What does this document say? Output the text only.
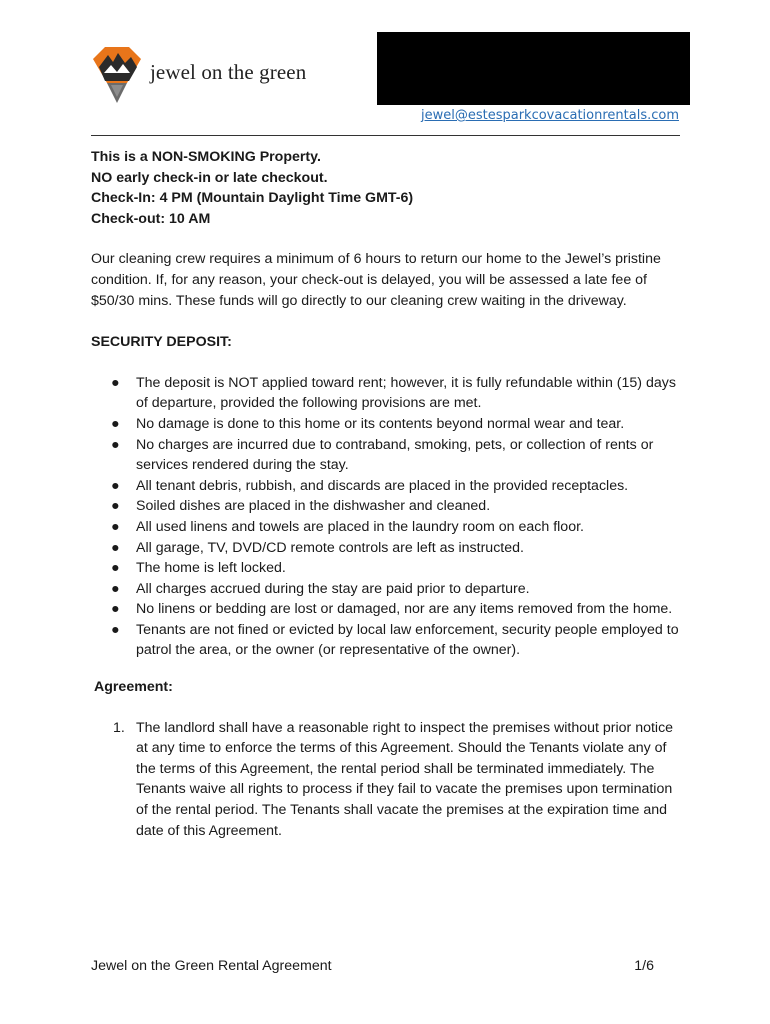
jewel on the green
jewel@estesparkcovacationrentals.com

This is a NON-SMOKING Property.

NO early check-in or late checkout.

Check-In: 4 PM (Mountain Daylight Time GMT-6)

Check-out: 10 AM

Our cleaning crew requires a minimum of 6 hours to return our home to the Jewel’s pristine condition. If, for any reason, your check-out is delayed, you will be assessed a late fee of $50/30 mins. These funds will go directly to our cleaning crew waiting in the driveway.

SECURITY DEPOSIT:

● The deposit is NOT applied toward rent; however, it is fully refundable within (15) days of departure, provided the following provisions are met.
● No damage is done to this home or its contents beyond normal wear and tear.
● No charges are incurred due to contraband, smoking, pets, or collection of rents or services rendered during the stay.
● All tenant debris, rubbish, and discards are placed in the provided receptacles.
● Soiled dishes are placed in the dishwasher and cleaned.
● All used linens and towels are placed in the laundry room on each floor.
● All garage, TV, DVD/CD remote controls are left as instructed.
● The home is left locked.
● All charges accrued during the stay are paid prior to departure.
● No linens or bedding are lost or damaged, nor are any items removed from the home.
● Tenants are not fined or evicted by local law enforcement, security people employed to patrol the area, or the owner (or representative of the owner).

Agreement:

1. The landlord shall have a reasonable right to inspect the premises without prior notice at any time to enforce the terms of this Agreement. Should the Tenants violate any of the terms of this Agreement, the rental period shall be terminated immediately. The Tenants waive all rights to process if they fail to vacate the premises upon termination of the rental period. The Tenants shall vacate the premises at the expiration time and date of this Agreement.
Jewel on the Green Rental Agreement	1/6
